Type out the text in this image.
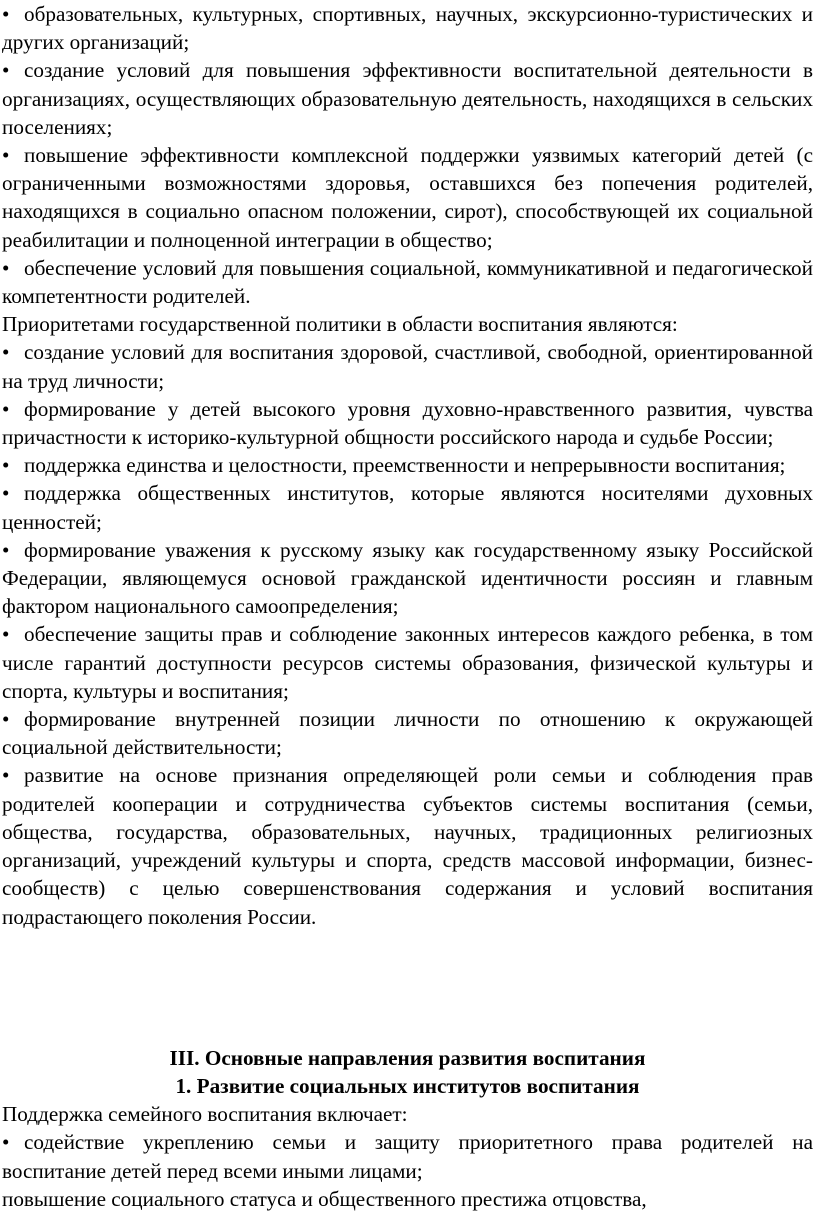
• образовательных, культурных, спортивных, научных, экскурсионно-туристических и других организаций;

• создание условий для повышения эффективности воспитательной деятельности в организациях, осуществляющих образовательную деятельность, находящихся в сельских поселениях;

• повышение эффективности комплексной поддержки уязвимых категорий детей (с ограниченными возможностями здоровья, оставшихся без попечения родителей, находящихся в социально опасном положении, сирот), способствующей их социальной реабилитации и полноценной интеграции в общество;

• обеспечение условий для повышения социальной, коммуникативной и педагогической компетентности родителей.

Приоритетами государственной политики в области воспитания являются:

• создание условий для воспитания здоровой, счастливой, свободной, ориентированной на труд личности;

• формирование у детей высокого уровня духовно-нравственного развития, чувства причастности к историко-культурной общности российского народа и судьбе России;

• поддержка единства и целостности, преемственности и непрерывности воспитания;

• поддержка общественных институтов, которые являются носителями духовных ценностей;

• формирование уважения к русскому языку как государственному языку Российской Федерации, являющемуся основой гражданской идентичности россиян и главным фактором национального самоопределения;

• обеспечение защиты прав и соблюдение законных интересов каждого ребенка, в том числе гарантий доступности ресурсов системы образования, физической культуры и спорта, культуры и воспитания;

• формирование внутренней позиции личности по отношению к окружающей социальной действительности;

• развитие на основе признания определяющей роли семьи и соблюдения прав родителей кооперации и сотрудничества субъектов системы воспитания (семьи, общества, государства, образовательных, научных, традиционных религиозных организаций, учреждений культуры и спорта, средств массовой информации, бизнес-сообществ) с целью совершенствования содержания и условий воспитания подрастающего поколения России.

III. Основные направления развития воспитания

1. Развитие социальных институтов воспитания

Поддержка семейного воспитания включает:

• содействие укреплению семьи и защиту приоритетного права родителей на воспитание детей перед всеми иными лицами;

повышение социального статуса и общественного престижа отцовства,
